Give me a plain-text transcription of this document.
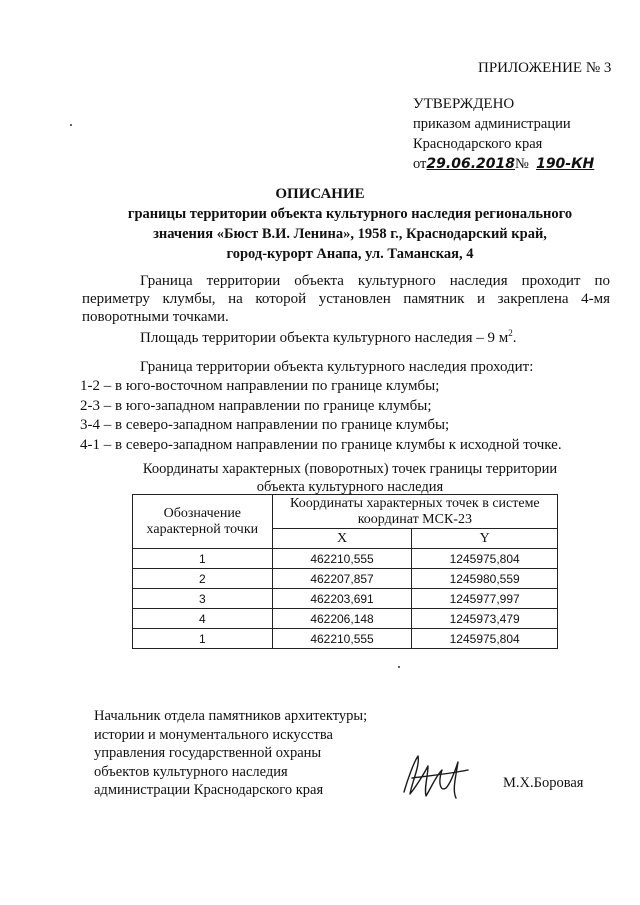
ПРИЛОЖЕНИЕ № 3
УТВЕРЖДЕНО
приказом администрации
Краснодарского края
от29.06.2018№ 190-КН
ОПИСАНИЕ
границы территории объекта культурного наследия регионального
значения «Бюст В.И. Ленина», 1958 г., Краснодарский край,
город-курорт Анапа, ул. Таманская, 4
Граница территории объекта культурного наследия проходит по периметру клумбы, на которой установлен памятник и закреплена 4-мя поворотными точками.
Площадь территории объекта культурного наследия – 9 $м^2$.
Граница территории объекта культурного наследия проходит:
1-2 – в юго-восточном направлении по границе клумбы;
2-3 – в юго-западном направлении по границе клумбы;
3-4 – в северо-западном направлении по границе клумбы;
4-1 – в северо-западном направлении по границе клумбы к исходной точке.
Координаты характерных (поворотных) точек границы территории
объекта культурного наследия
Обозначение характерной точки	Координаты характерных точек в системе координат МСК-23	
	X	Y
1	462210,555	1245975,804
2	462207,857	1245980,559
3	462203,691	1245977,997
4	462206,148	1245973,479
1	462210,555	1245975,804
Начальник отдела памятников архитектуры;
истории и монументального искусства
управления государственной охраны
объектов культурного наследия
администрации Краснодарского края	М.Х.Боровая
